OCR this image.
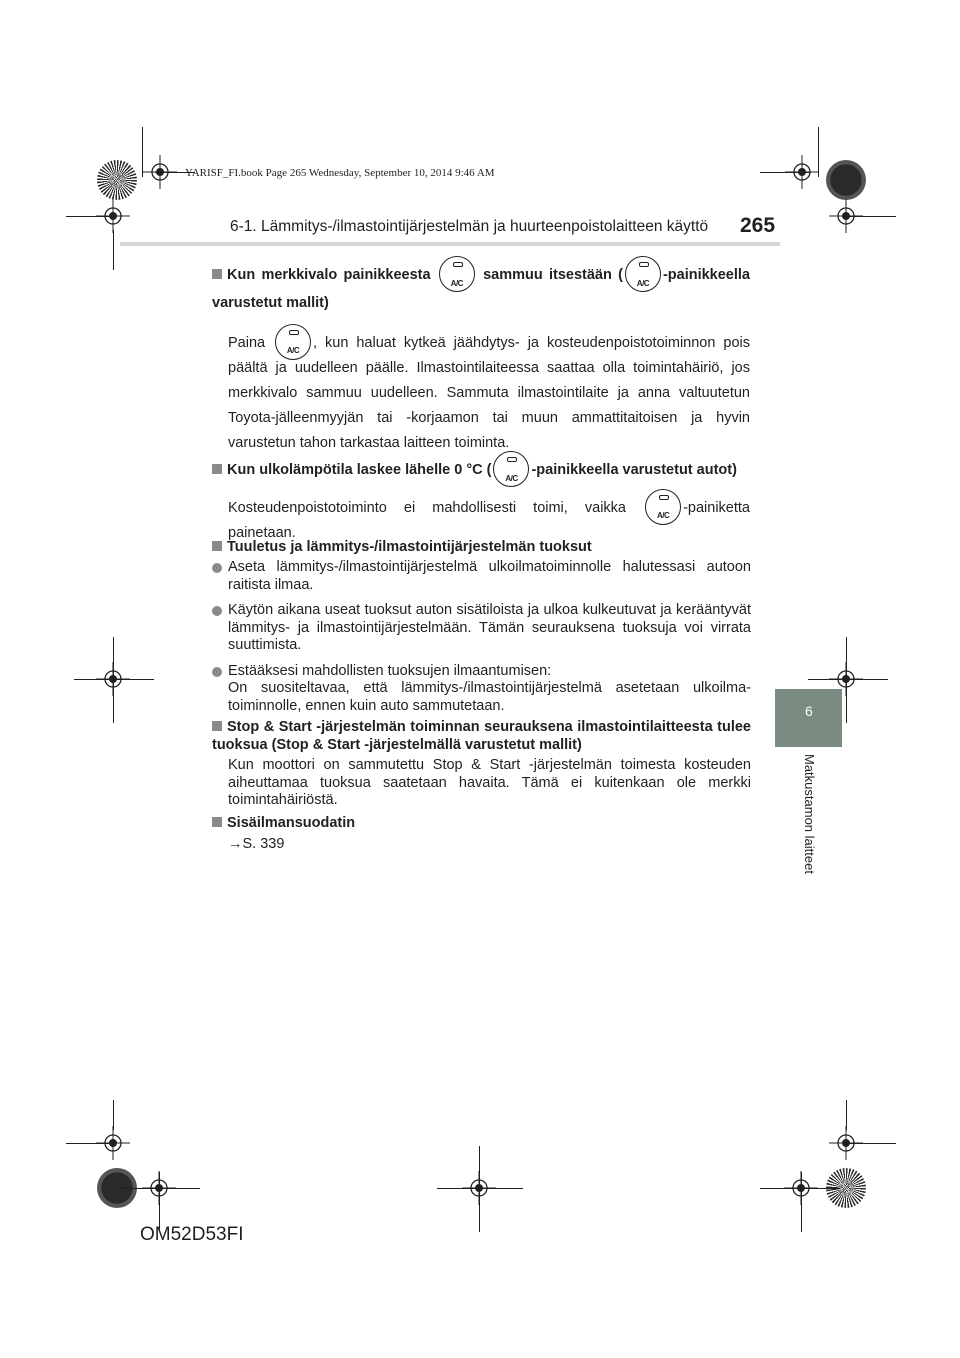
YARISF_FI.book Page 265 Wednesday, September 10, 2014 9:46 AM
6-1. Lämmitys-/ilmastointijärjestelmän ja huurteenpoistolaitteen käyttö 265
6
Matkustamon laitteet
Kun merkkivalo painikkeesta
A/C
sammuu itsestään (
A/C
-painikkeella varustetut mallit)
Paina	A/C , kun haluat kytkeä jäähdytys- ja kosteudenpoistotoiminnon pois päältä ja uudelleen päälle. Ilmastointilaiteessa saattaa olla toimintahäiriö, jos merkkivalo sammuu uudelleen. Sammuta ilmastointilaite ja anna valtuutetun Toyota-jälleenmyyjän tai -korjaamon tai muun ammattitaitoisen ja hyvin varustetun tahon tarkastaa laitteen toiminta.
Kun ulkolämpötila laskee lähelle 0 °C (
A/C
-painikkeella varustetut autot)
Kosteudenpoistotoiminto ei mahdollisesti toimi, vaikka	A/C -painiketta painetaan.
Tuuletus ja lämmitys-/ilmastointijärjestelmän tuoksut
Aseta lämmitys-/ilmastointijärjestelmä ulkoilmatoiminnolle halutessasi autoon raitista ilmaa.
Käytön aikana useat tuoksut auton sisätiloista ja ulkoa kulkeutuvat ja kerääntyvät lämmitys- ja ilmastointijärjestelmään. Tämän seurauksena tuoksuja voi virrata suuttimista.
Estääksesi mahdollisten tuoksujen ilmaantumisen:
On suositeltavaa, että lämmitys-/ilmastointijärjestelmä asetetaan ulkoilma-toiminnolle, ennen kuin auto sammutetaan.
Stop & Start -järjestelmän toiminnan seurauksena ilmastointilaitteesta tulee tuoksua (Stop & Start -järjestelmällä varustetut mallit)
Kun moottori on sammutettu Stop & Start -järjestelmän toimesta kosteuden aiheuttamaa tuoksua saatetaan havaita. Tämä ei kuitenkaan ole merkki toimintahäiriöstä.
Sisäilmansuodatin
→S. 339
OM52D53FI
